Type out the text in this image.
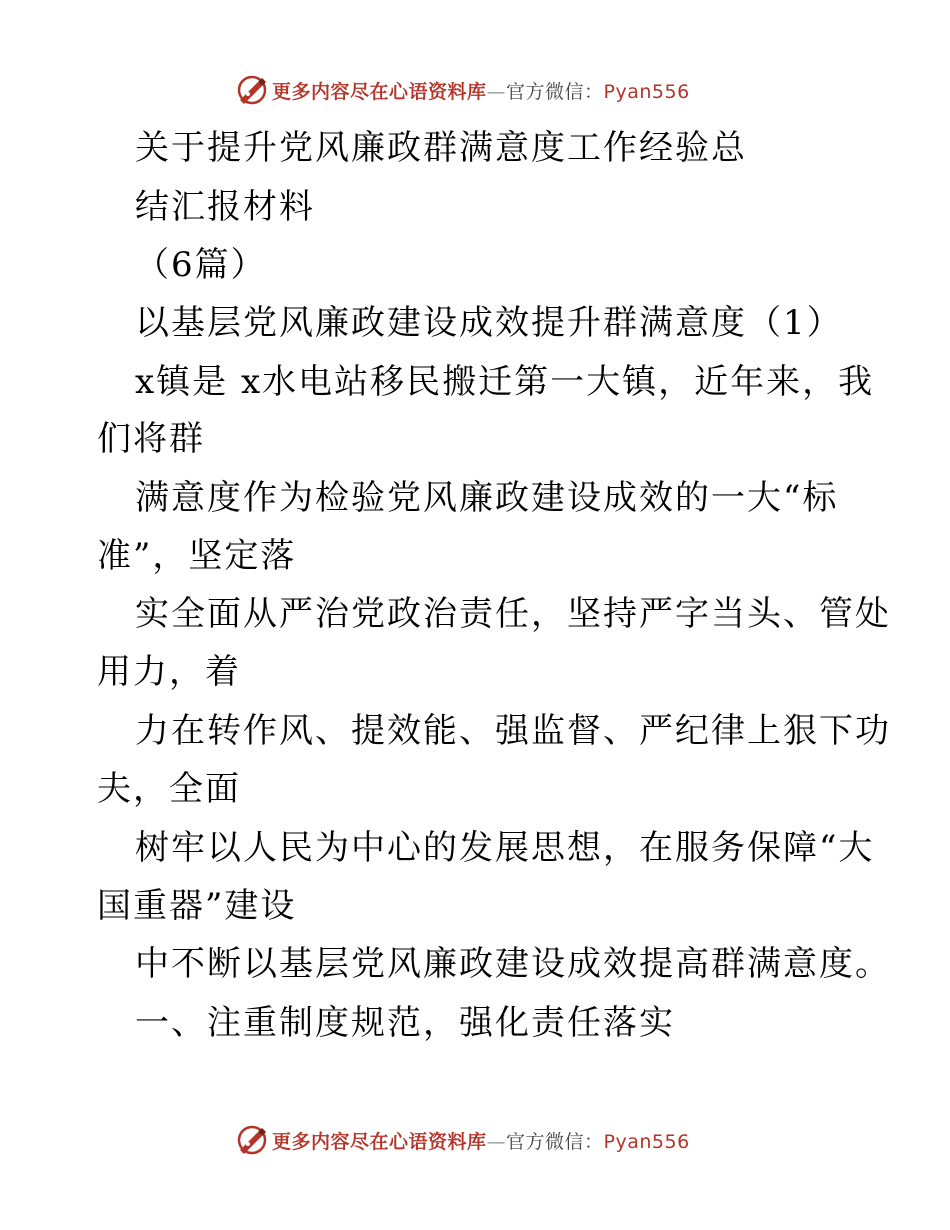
更多内容尽在心语资料库—官方微信：Pyan556
关于提升党风廉政群满意度工作经验总
结汇报材料
（6篇）
以基层党风廉政建设成效提升群满意度（1）
x镇是 x水电站移民搬迁第一大镇，近年来，我
们将群
满意度作为检验党风廉政建设成效的一大“标
准”，坚定落
实全面从严治党政治责任，坚持严字当头、管处
用力，着
力在转作风、提效能、强监督、严纪律上狠下功
夫，全面
树牢以人民为中心的发展思想，在服务保障“大
国重器”建设
中不断以基层党风廉政建设成效提高群满意度。
一、注重制度规范，强化责任落实
更多内容尽在心语资料库—官方微信：Pyan556
